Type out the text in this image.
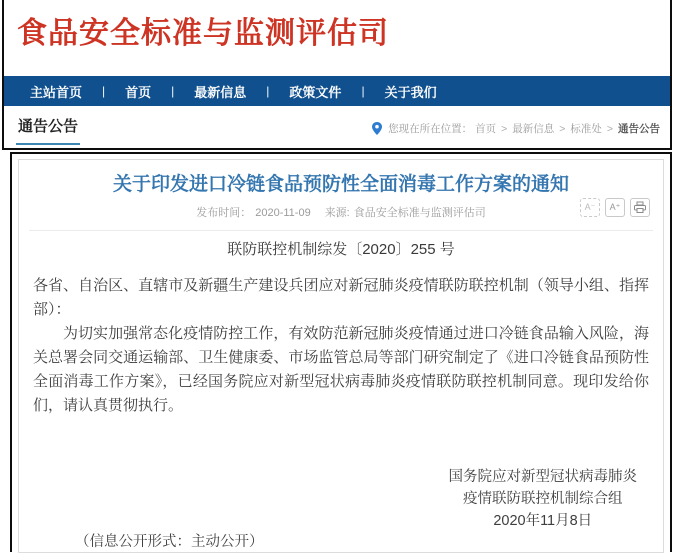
食品安全标准与监测评估司
主站首页 | 首页 | 最新信息 | 政策文件 | 关于我们
通告公告	您现在所在位置： 首页 > 最新信息 > 标准处 > 通告公告
关于印发进口冷链食品预防性全面消毒工作方案的通知
发布时间： 2020-11-09 来源: 食品安全标准与监测评估司	A⁻	A⁺
联防联控机制综发〔2020〕255 号

各省、自治区、直辖市及新疆生产建设兵团应对新冠肺炎疫情联防联控机制（领导小组、指挥部）：

为切实加强常态化疫情防控工作，有效防范新冠肺炎疫情通过进口冷链食品输入风险，海关总署会同交通运输部、卫生健康委、市场监管总局等部门研究制定了《进口冷链食品预防性全面消毒工作方案》，已经国务院应对新型冠状病毒肺炎疫情联防联控机制同意。现印发给你们，请认真贯彻执行。

国务院应对新型冠状病毒肺炎
疫情联防联控机制综合组
2020年11月8日
（信息公开形式：主动公开）
